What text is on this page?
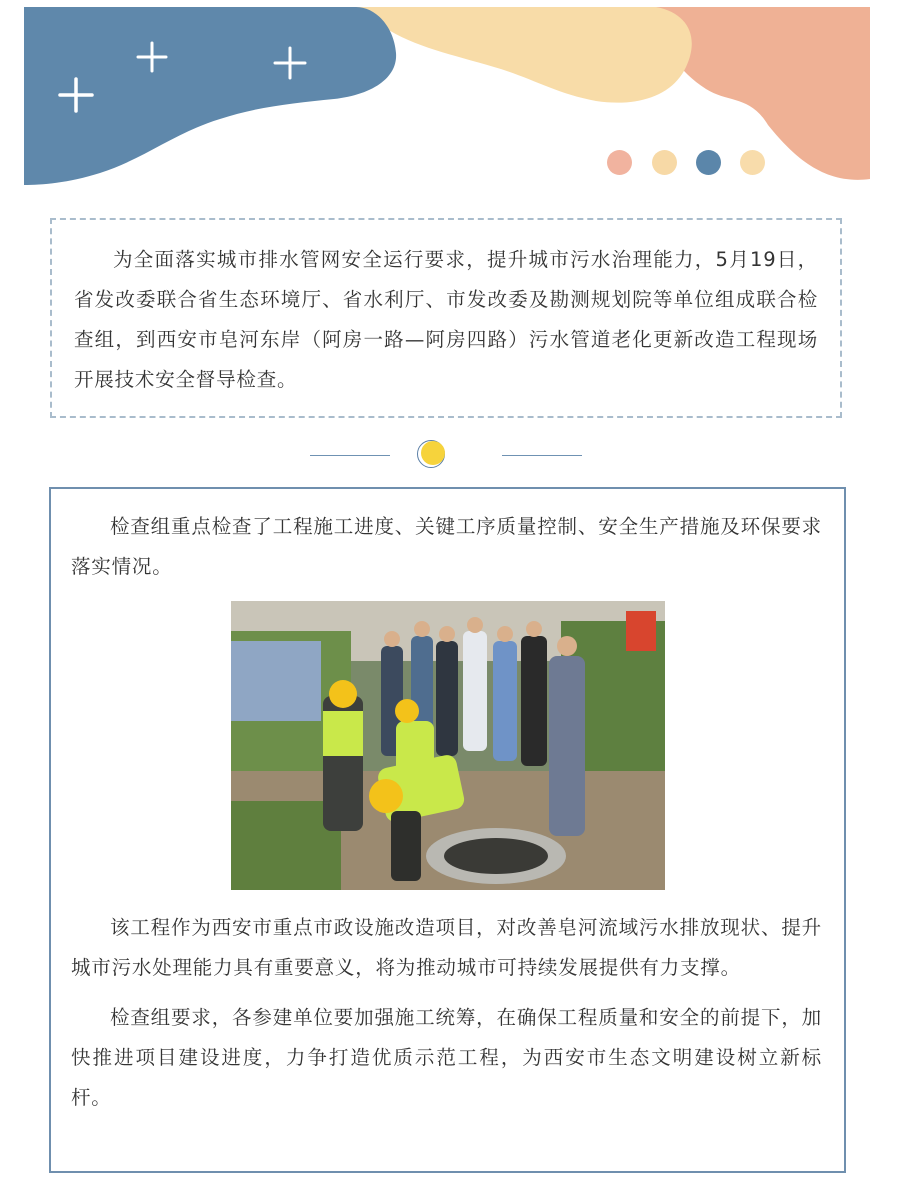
为全面落实城市排水管网安全运行要求，提升城市污水治理能力，5月19日，省发改委联合省生态环境厅、省水利厅、市发改委及勘测规划院等单位组成联合检查组，到西安市皂河东岸（阿房一路—阿房四路）污水管道老化更新改造工程现场开展技术安全督导检查。

检查组重点检查了工程施工进度、关键工序质量控制、安全生产措施及环保要求落实情况。

该工程作为西安市重点市政设施改造项目，对改善皂河流域污水排放现状、提升城市污水处理能力具有重要意义，将为推动城市可持续发展提供有力支撑。

检查组要求，各参建单位要加强施工统筹，在确保工程质量和安全的前提下，加快推进项目建设进度，力争打造优质示范工程，为西安市生态文明建设树立新标杆。
